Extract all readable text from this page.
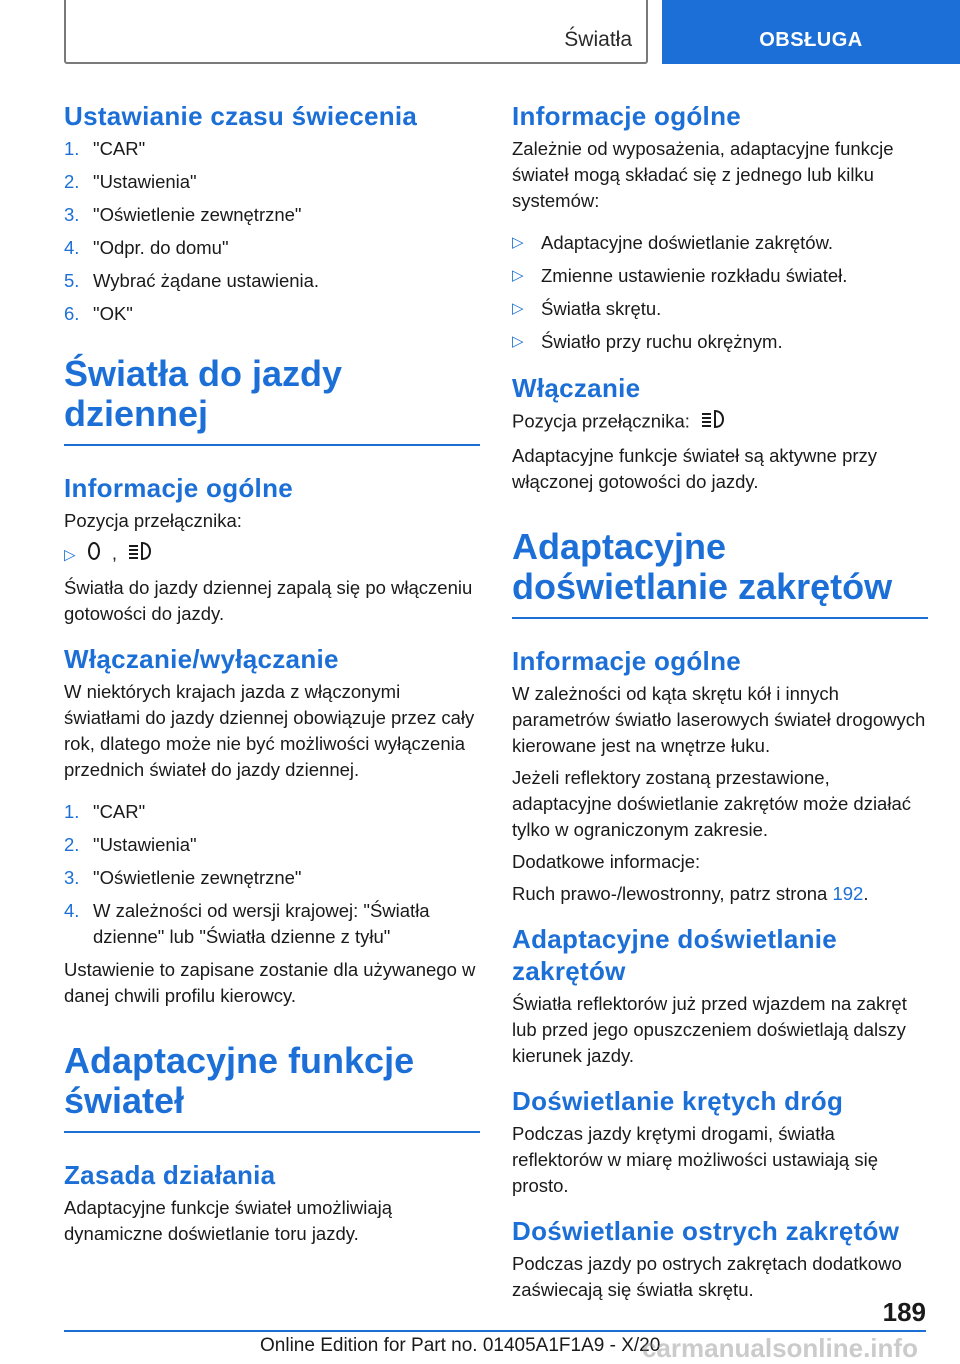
Światła	OBSŁUGA
Ustawianie czasu świecenia
1. "CAR"
2. "Ustawienia"
3. "Oświetlenie zewnętrzne"
4. "Odpr. do domu"
5. Wybrać żądane ustawienia.
6. "OK"
Światła do jazdy dziennej
Informacje ogólne

Pozycja przełącznika:

▷ ,

Światła do jazdy dziennej zapalą się po włączeniu gotowości do jazdy.

Włączanie/wyłączanie

W niektórych krajach jazda z włączonymi światłami do jazdy dziennej obowiązuje przez cały rok, dlatego może nie być możliwości wyłączenia przednich świateł do jazdy dziennej.

1. "CAR"
2. "Ustawienia"
3. "Oświetlenie zewnętrzne"
4. W zależności od wersji krajowej: "Światła dzienne" lub "Światła dzienne z tyłu"

Ustawienie to zapisane zostanie dla używanego w danej chwili profilu kierowcy.

Adaptacyjne funkcje świateł
Zasada działania

Adaptacyjne funkcje świateł umożliwiają dynamiczne doświetlanie toru jazdy.

Informacje ogólne

Zależnie od wyposażenia, adaptacyjne funkcje świateł mogą składać się z jednego lub kilku systemów:

▷ Adaptacyjne doświetlanie zakrętów.
▷ Zmienne ustawienie rozkładu świateł.
▷ Światła skrętu.
▷ Światło przy ruchu okrężnym.
Włączanie

Pozycja przełącznika:

Adaptacyjne funkcje świateł są aktywne przy włączonej gotowości do jazdy.

Adaptacyjne doświetlanie zakrętów
Informacje ogólne

W zależności od kąta skrętu kół i innych parametrów światło laserowych świateł drogowych kierowane jest na wnętrze łuku.

Jeżeli reflektory zostaną przestawione, adaptacyjne doświetlanie zakrętów może działać tylko w ograniczonym zakresie.

Dodatkowe informacje:

Ruch prawo-/lewostronny, patrz strona 192.

Adaptacyjne doświetlanie zakrętów

Światła reflektorów już przed wjazdem na zakręt lub przed jego opuszczeniem doświetlają dalszy kierunek jazdy.

Doświetlanie krętych dróg

Podczas jazdy krętymi drogami, światła reflektorów w miarę możliwości ustawiają się prosto.

Doświetlanie ostrych zakrętów

Podczas jazdy po ostrych zakrętach dodatkowo zaświecają się światła skrętu.

189
Online Edition for Part no. 01405A1F1A9 - X/20
carmanualsonline.info
